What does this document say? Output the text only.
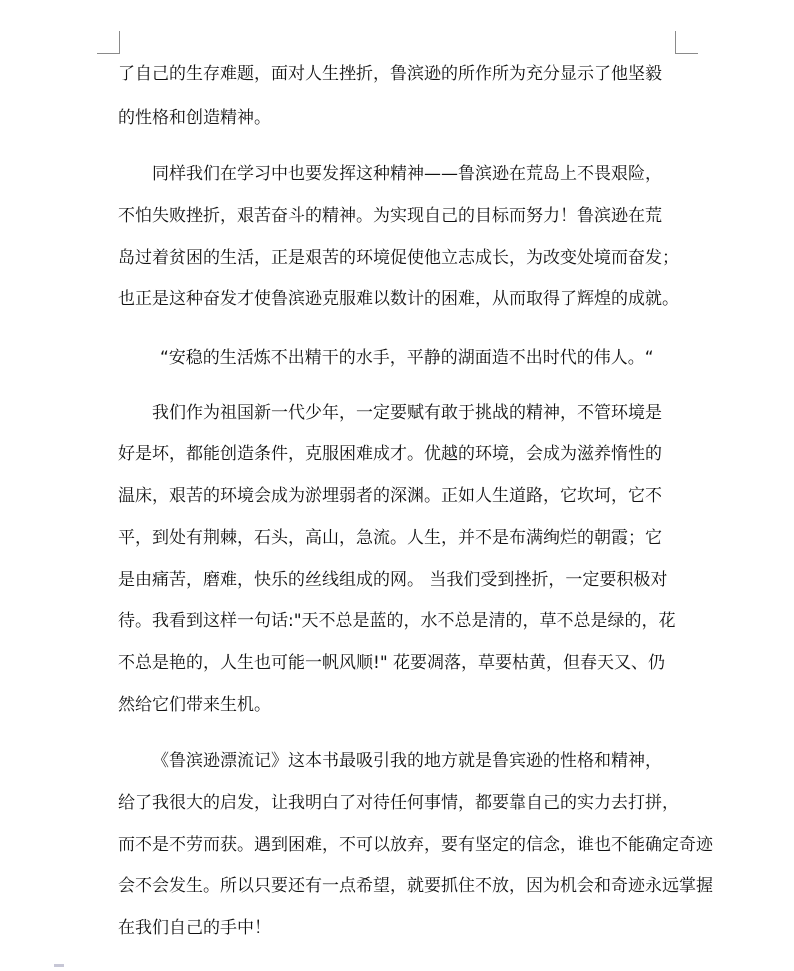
了自己的生存难题，面对人生挫折，鲁滨逊的所作所为充分显示了他坚毅
的性格和创造精神。
同样我们在学习中也要发挥这种精神——鲁滨逊在荒岛上不畏艰险，
不怕失败挫折，艰苦奋斗的精神。为实现自己的目标而努力！鲁滨逊在荒
岛过着贫困的生活，正是艰苦的环境促使他立志成长，为改变处境而奋发；
也正是这种奋发才使鲁滨逊克服难以数计的困难，从而取得了辉煌的成就。
“安稳的生活炼不出精干的水手，平静的湖面造不出时代的伟人。“
我们作为祖国新一代少年，一定要赋有敢于挑战的精神，不管环境是
好是坏，都能创造条件，克服困难成才。优越的环境，会成为滋养惰性的
温床，艰苦的环境会成为淤埋弱者的深渊。正如人生道路，它坎坷，它不
平，到处有荆棘，石头，高山，急流。人生，并不是布满绚烂的朝霞；它
是由痛苦，磨难，快乐的丝线组成的网。 当我们受到挫折，一定要积极对
待。我看到这样一句话:"天不总是蓝的，水不总是清的，草不总是绿的，花
不总是艳的，人生也可能一帆风顺!" 花要凋落，草要枯黄，但春天又、仍
然给它们带来生机。
《鲁滨逊漂流记》这本书最吸引我的地方就是鲁宾逊的性格和精神，
给了我很大的启发，让我明白了对待任何事情，都要靠自己的实力去打拼，
而不是不劳而获。遇到困难，不可以放弃，要有坚定的信念，谁也不能确定奇迹
会不会发生。所以只要还有一点希望，就要抓住不放，因为机会和奇迹永远掌握
在我们自己的手中！
